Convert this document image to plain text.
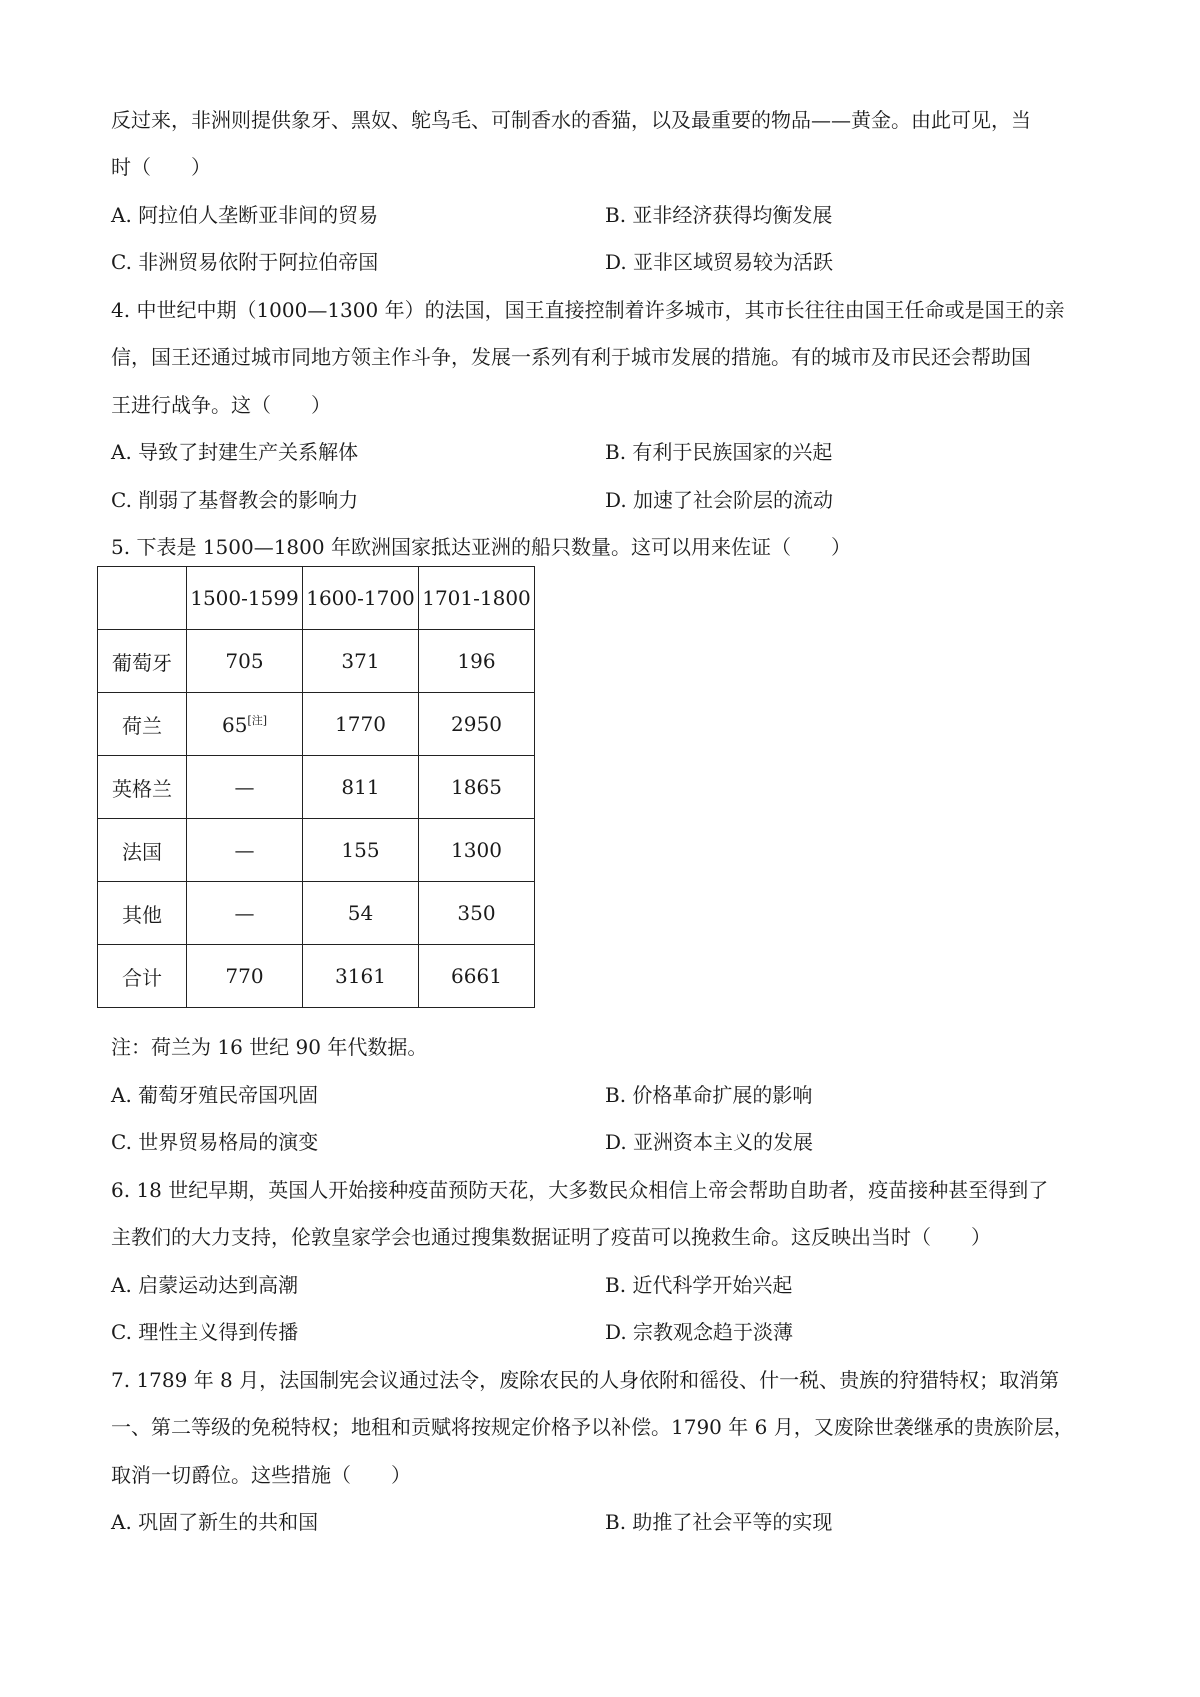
反过来，非洲则提供象牙、黑奴、鸵鸟毛、可制香水的香猫，以及最重要的物品——黄金。由此可见，当
时（　　）
A. 阿拉伯人垄断亚非间的贸易	B. 亚非经济获得均衡发展
C. 非洲贸易依附于阿拉伯帝国	D. 亚非区域贸易较为活跃
4. 中世纪中期（1000—1300 年）的法国，国王直接控制着许多城市，其市长往往由国王任命或是国王的亲
信，国王还通过城市同地方领主作斗争，发展一系列有利于城市发展的措施。有的城市及市民还会帮助国
王进行战争。这（　　）
A. 导致了封建生产关系解体	B. 有利于民族国家的兴起
C. 削弱了基督教会的影响力	D. 加速了社会阶层的流动
5. 下表是 1500—1800 年欧洲国家抵达亚洲的船只数量。这可以用来佐证（　　）
	1500-1599	1600-1700	1701-1800
葡萄牙	705	371	196
荷兰	65[注]	1770	2950
英格兰	—	811	1865
法国	—	155	1300
其他	—	54	350
合计	770	3161	6661
注：荷兰为 16 世纪 90 年代数据。
A. 葡萄牙殖民帝国巩固	B. 价格革命扩展的影响
C. 世界贸易格局的演变	D. 亚洲资本主义的发展
6. 18 世纪早期，英国人开始接种疫苗预防天花，大多数民众相信上帝会帮助自助者，疫苗接种甚至得到了
主教们的大力支持，伦敦皇家学会也通过搜集数据证明了疫苗可以挽救生命。这反映出当时（　　）
A. 启蒙运动达到高潮	B. 近代科学开始兴起
C. 理性主义得到传播	D. 宗教观念趋于淡薄
7. 1789 年 8 月，法国制宪会议通过法令，废除农民的人身依附和徭役、什一税、贵族的狩猎特权；取消第
一、第二等级的免税特权；地租和贡赋将按规定价格予以补偿。1790 年 6 月，又废除世袭继承的贵族阶层，
取消一切爵位。这些措施（　　）
A. 巩固了新生的共和国	B. 助推了社会平等的实现
